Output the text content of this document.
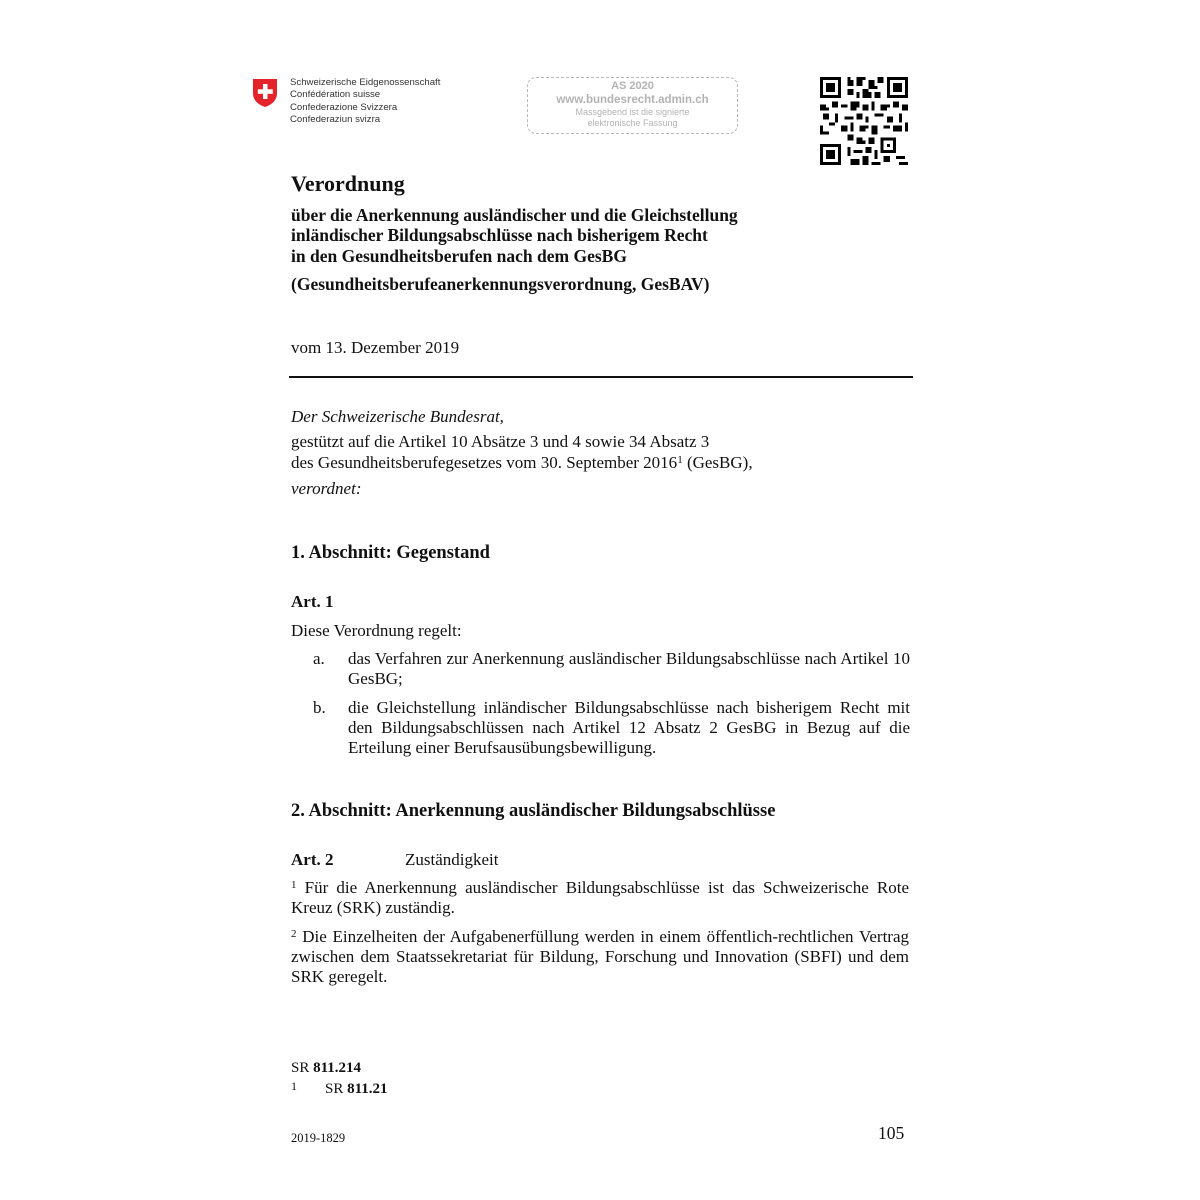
Schweizerische Eidgenossenschaft
Confédération suisse
Confederazione Svizzera
Confederaziun svizra
AS 2020
www.bundesrecht.admin.ch
Massgebend ist die signierte
elektronische Fassung
Verordnung
über die Anerkennung ausländischer und die Gleichstellung
inländischer Bildungsabschlüsse nach bisherigem Recht
in den Gesundheitsberufen nach dem GesBG
(Gesundheitsberufeanerkennungsverordnung, GesBAV)
vom 13. Dezember 2019
Der Schweizerische Bundesrat,
gestützt auf die Artikel 10 Absätze 3 und 4 sowie 34 Absatz 3
des Gesundheitsberufegesetzes vom 30. September 2016$^1$ (GesBG),
verordnet:
1. Abschnitt: Gegenstand
Art. 1
Diese Verordnung regelt:
a. das Verfahren zur Anerkennung ausländischer Bildungsabschlüsse nach Artikel 10 GesBG;
b. die Gleichstellung inländischer Bildungsabschlüsse nach bisherigem Recht mit den Bildungsabschlüssen nach Artikel 12 Absatz 2 GesBG in Bezug auf die Erteilung einer Berufsausübungsbewilligung.
2. Abschnitt: Anerkennung ausländischer Bildungsabschlüsse
Art. 2	Zuständigkeit
$^1$ Für die Anerkennung ausländischer Bildungsabschlüsse ist das Schweizerische Rote Kreuz (SRK) zuständig.
$^2$ Die Einzelheiten der Aufgabenerfüllung werden in einem öffentlich-rechtlichen Vertrag zwischen dem Staatssekretariat für Bildung, Forschung und Innovation (SBFI) und dem SRK geregelt.
SR 811.214
1 SR 811.21
2019-1829	105
